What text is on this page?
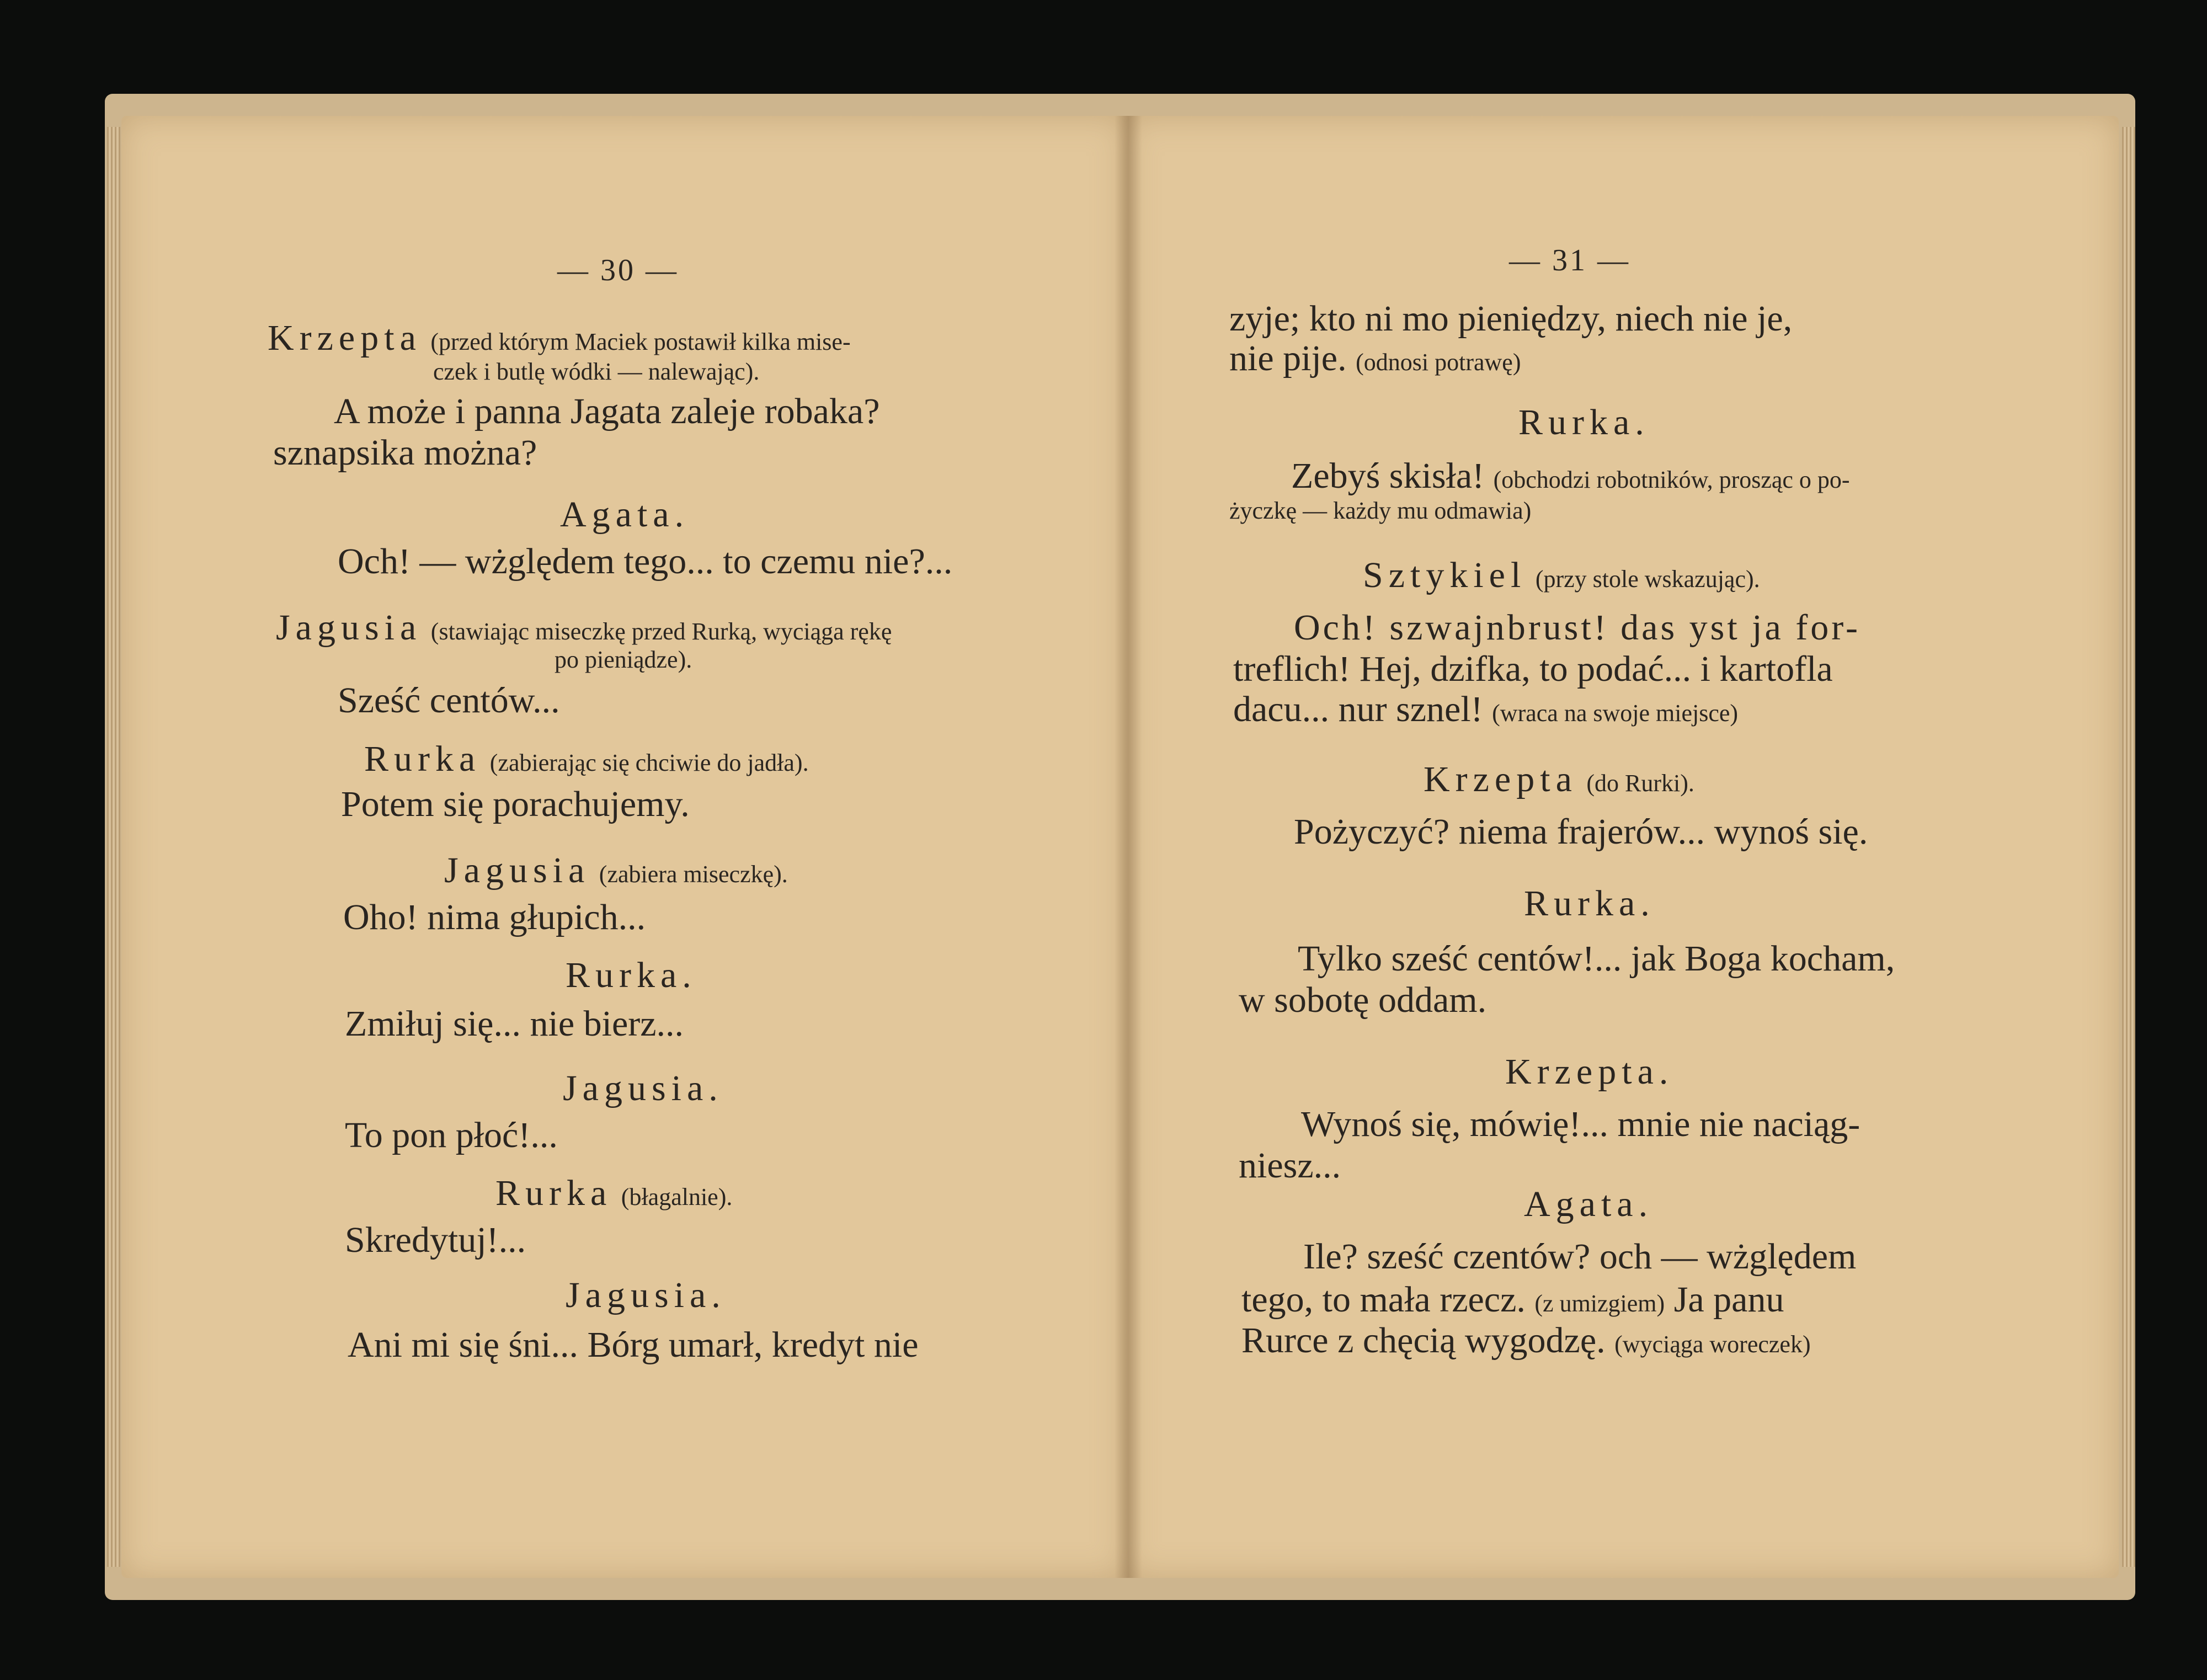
— 30 —
Krzepta (przed którym Maciek postawił kilka mise-
czek i butlę wódki — nalewając).
A może i panna Jagata zaleje robaka?
sznapsika można?
Agata.
Och! — wżględem tego... to czemu nie?...
Jagusia (stawiając miseczkę przed Rurką, wyciąga rękę
po pieniądze).
Sześć centów...
Rurka (zabierając się chciwie do jadła).
Potem się porachujemy.
Jagusia (zabiera miseczkę).
Oho! nima głupich...
Rurka.
Zmiłuj się... nie bierz...
Jagusia.
To pon płoć!...
Rurka (błagalnie).
Skredytuj!...
Jagusia.
Ani mi się śni... Bórg umarł, kredyt nie
— 31 —
zyje; kto ni mo pieniędzy, niech nie je,
nie pije. (odnosi potrawę)
Rurka.
Zebyś skisła! (obchodzi robotników, prosząc o po-
życzkę — każdy mu odmawia)
Sztykiel (przy stole wskazując).
Och! szwajnbrust! das yst ja for-
treflich! Hej, dzifka, to podać... i kartofla
dacu... nur sznel! (wraca na swoje miejsce)
Krzepta (do Rurki).
Pożyczyć? niema frajerów... wynoś się.
Rurka.
Tylko sześć centów!... jak Boga kocham,
w sobotę oddam.
Krzepta.
Wynoś się, mówię!... mnie nie naciąg-
niesz...
Agata.
Ile? sześć czentów? och — wżględem
tego, to mała rzecz. (z umizgiem) Ja panu
Rurce z chęcią wygodzę. (wyciąga woreczek)
